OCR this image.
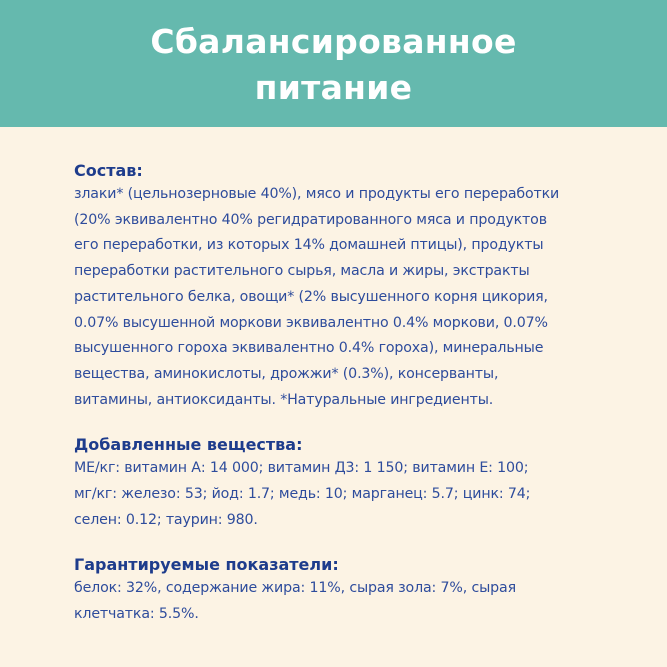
Сбалансированное
питание
Состав:

злаки* (цельнозерновые 40%), мясо и продукты его переработки
(20% эквивалентно 40% регидратированного мяса и продуктов
его переработки, из которых 14% домашней птицы), продукты
переработки растительного сырья, масла и жиры, экстракты
растительного белка, овощи* (2% высушенного корня цикория,
0.07% высушенной моркови эквивалентно 0.4% моркови, 0.07%
высушенного гороха эквивалентно 0.4% гороха), минеральные
вещества, аминокислоты, дрожжи* (0.3%), консерванты,
витамины, антиоксиданты. *Натуральные ингредиенты.

Добавленные вещества:

МЕ/кг: витамин А: 14 000; витамин Д3: 1 150; витамин Е: 100;
мг/кг: железо: 53; йод: 1.7; медь: 10; марганец: 5.7; цинк: 74;
селен: 0.12; таурин: 980.

Гарантируемые показатели:

белок: 32%, содержание жира: 11%, сырая зола: 7%, сырая
клетчатка: 5.5%.
